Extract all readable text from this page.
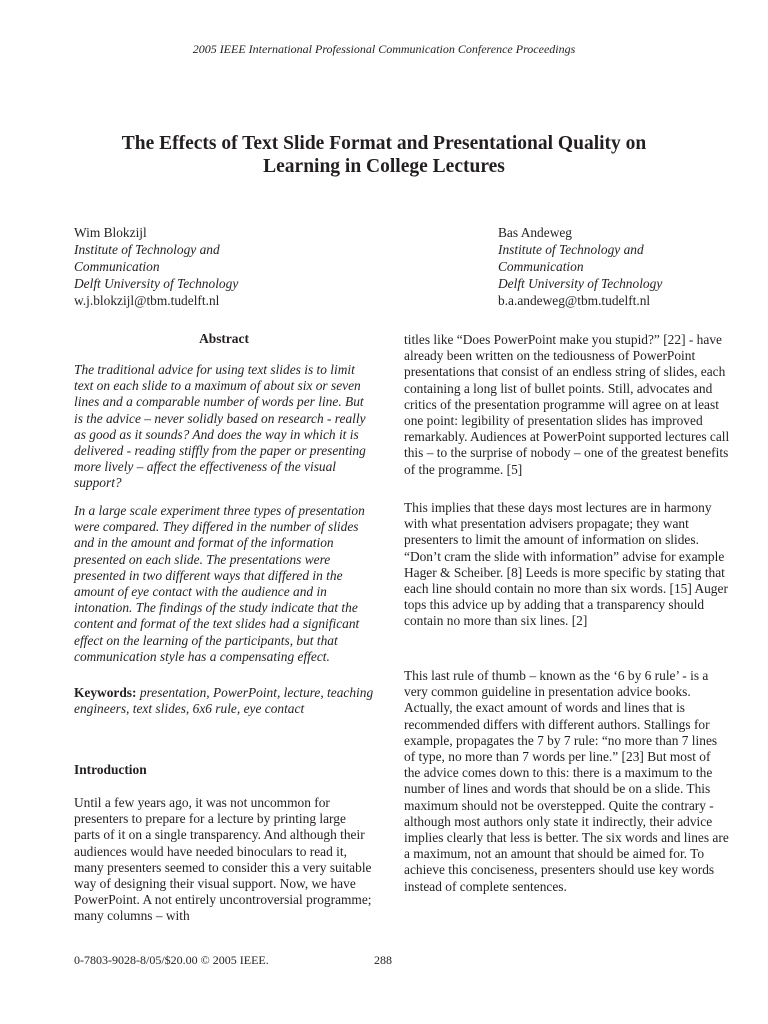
2005 IEEE International Professional Communication Conference Proceedings
The Effects of Text Slide Format and Presentational Quality on
Learning in College Lectures
Wim Blokzijl
Institute of Technology and
Communication
Delft University of Technology
w.j.blokzijl@tbm.tudelft.nl
Bas Andeweg
Institute of Technology and
Communication
Delft University of Technology
b.a.andeweg@tbm.tudelft.nl
Abstract

The traditional advice for using text slides is to limit text on each slide to a maximum of about six or seven lines and a comparable number of words per line. But is the advice – never solidly based on research - really as good as it sounds? And does the way in which it is delivered - reading stiffly from the paper or presenting more lively – affect the effectiveness of the visual support?

In a large scale experiment three types of presentation were compared. They differed in the number of slides and in the amount and format of the information presented on each slide. The presentations were presented in two different ways that differed in the amount of eye contact with the audience and in intonation. The findings of the study indicate that the content and format of the text slides had a significant effect on the learning of the participants, but that communication style has a compensating effect.

Keywords: presentation, PowerPoint, lecture, teaching engineers, text slides, 6x6 rule, eye contact

Introduction

Until a few years ago, it was not uncommon for presenters to prepare for a lecture by printing large parts of it on a single transparency. And although their audiences would have needed binoculars to read it, many presenters seemed to consider this a very suitable way of designing their visual support. Now, we have PowerPoint. A not entirely uncontroversial programme; many columns – with

titles like “Does PowerPoint make you stupid?” [22] - have already been written on the tediousness of PowerPoint presentations that consist of an endless string of slides, each containing a long list of bullet points. Still, advocates and critics of the presentation programme will agree on at least one point: legibility of presentation slides has improved remarkably. Audiences at PowerPoint supported lectures call this – to the surprise of nobody – one of the greatest benefits of the programme. [5]

This implies that these days most lectures are in harmony with what presentation advisers propagate; they want presenters to limit the amount of information on slides. “Don’t cram the slide with information” advise for example Hager & Scheiber. [8] Leeds is more specific by stating that each line should contain no more than six words. [15] Auger tops this advice up by adding that a transparency should contain no more than six lines. [2]

This last rule of thumb – known as the ‘6 by 6 rule’ - is a very common guideline in presentation advice books. Actually, the exact amount of words and lines that is recommended differs with different authors. Stallings for example, propagates the 7 by 7 rule: “no more than 7 lines of type, no more than 7 words per line.” [23] But most of the advice comes down to this: there is a maximum to the number of lines and words that should be on a slide. This maximum should not be overstepped. Quite the contrary - although most authors only state it indirectly, their advice implies clearly that less is better. The six words and lines are a maximum, not an amount that should be aimed for. To achieve this conciseness, presenters should use key words instead of complete sentences.

0-7803-9028-8/05/$20.00 © 2005 IEEE.	288
